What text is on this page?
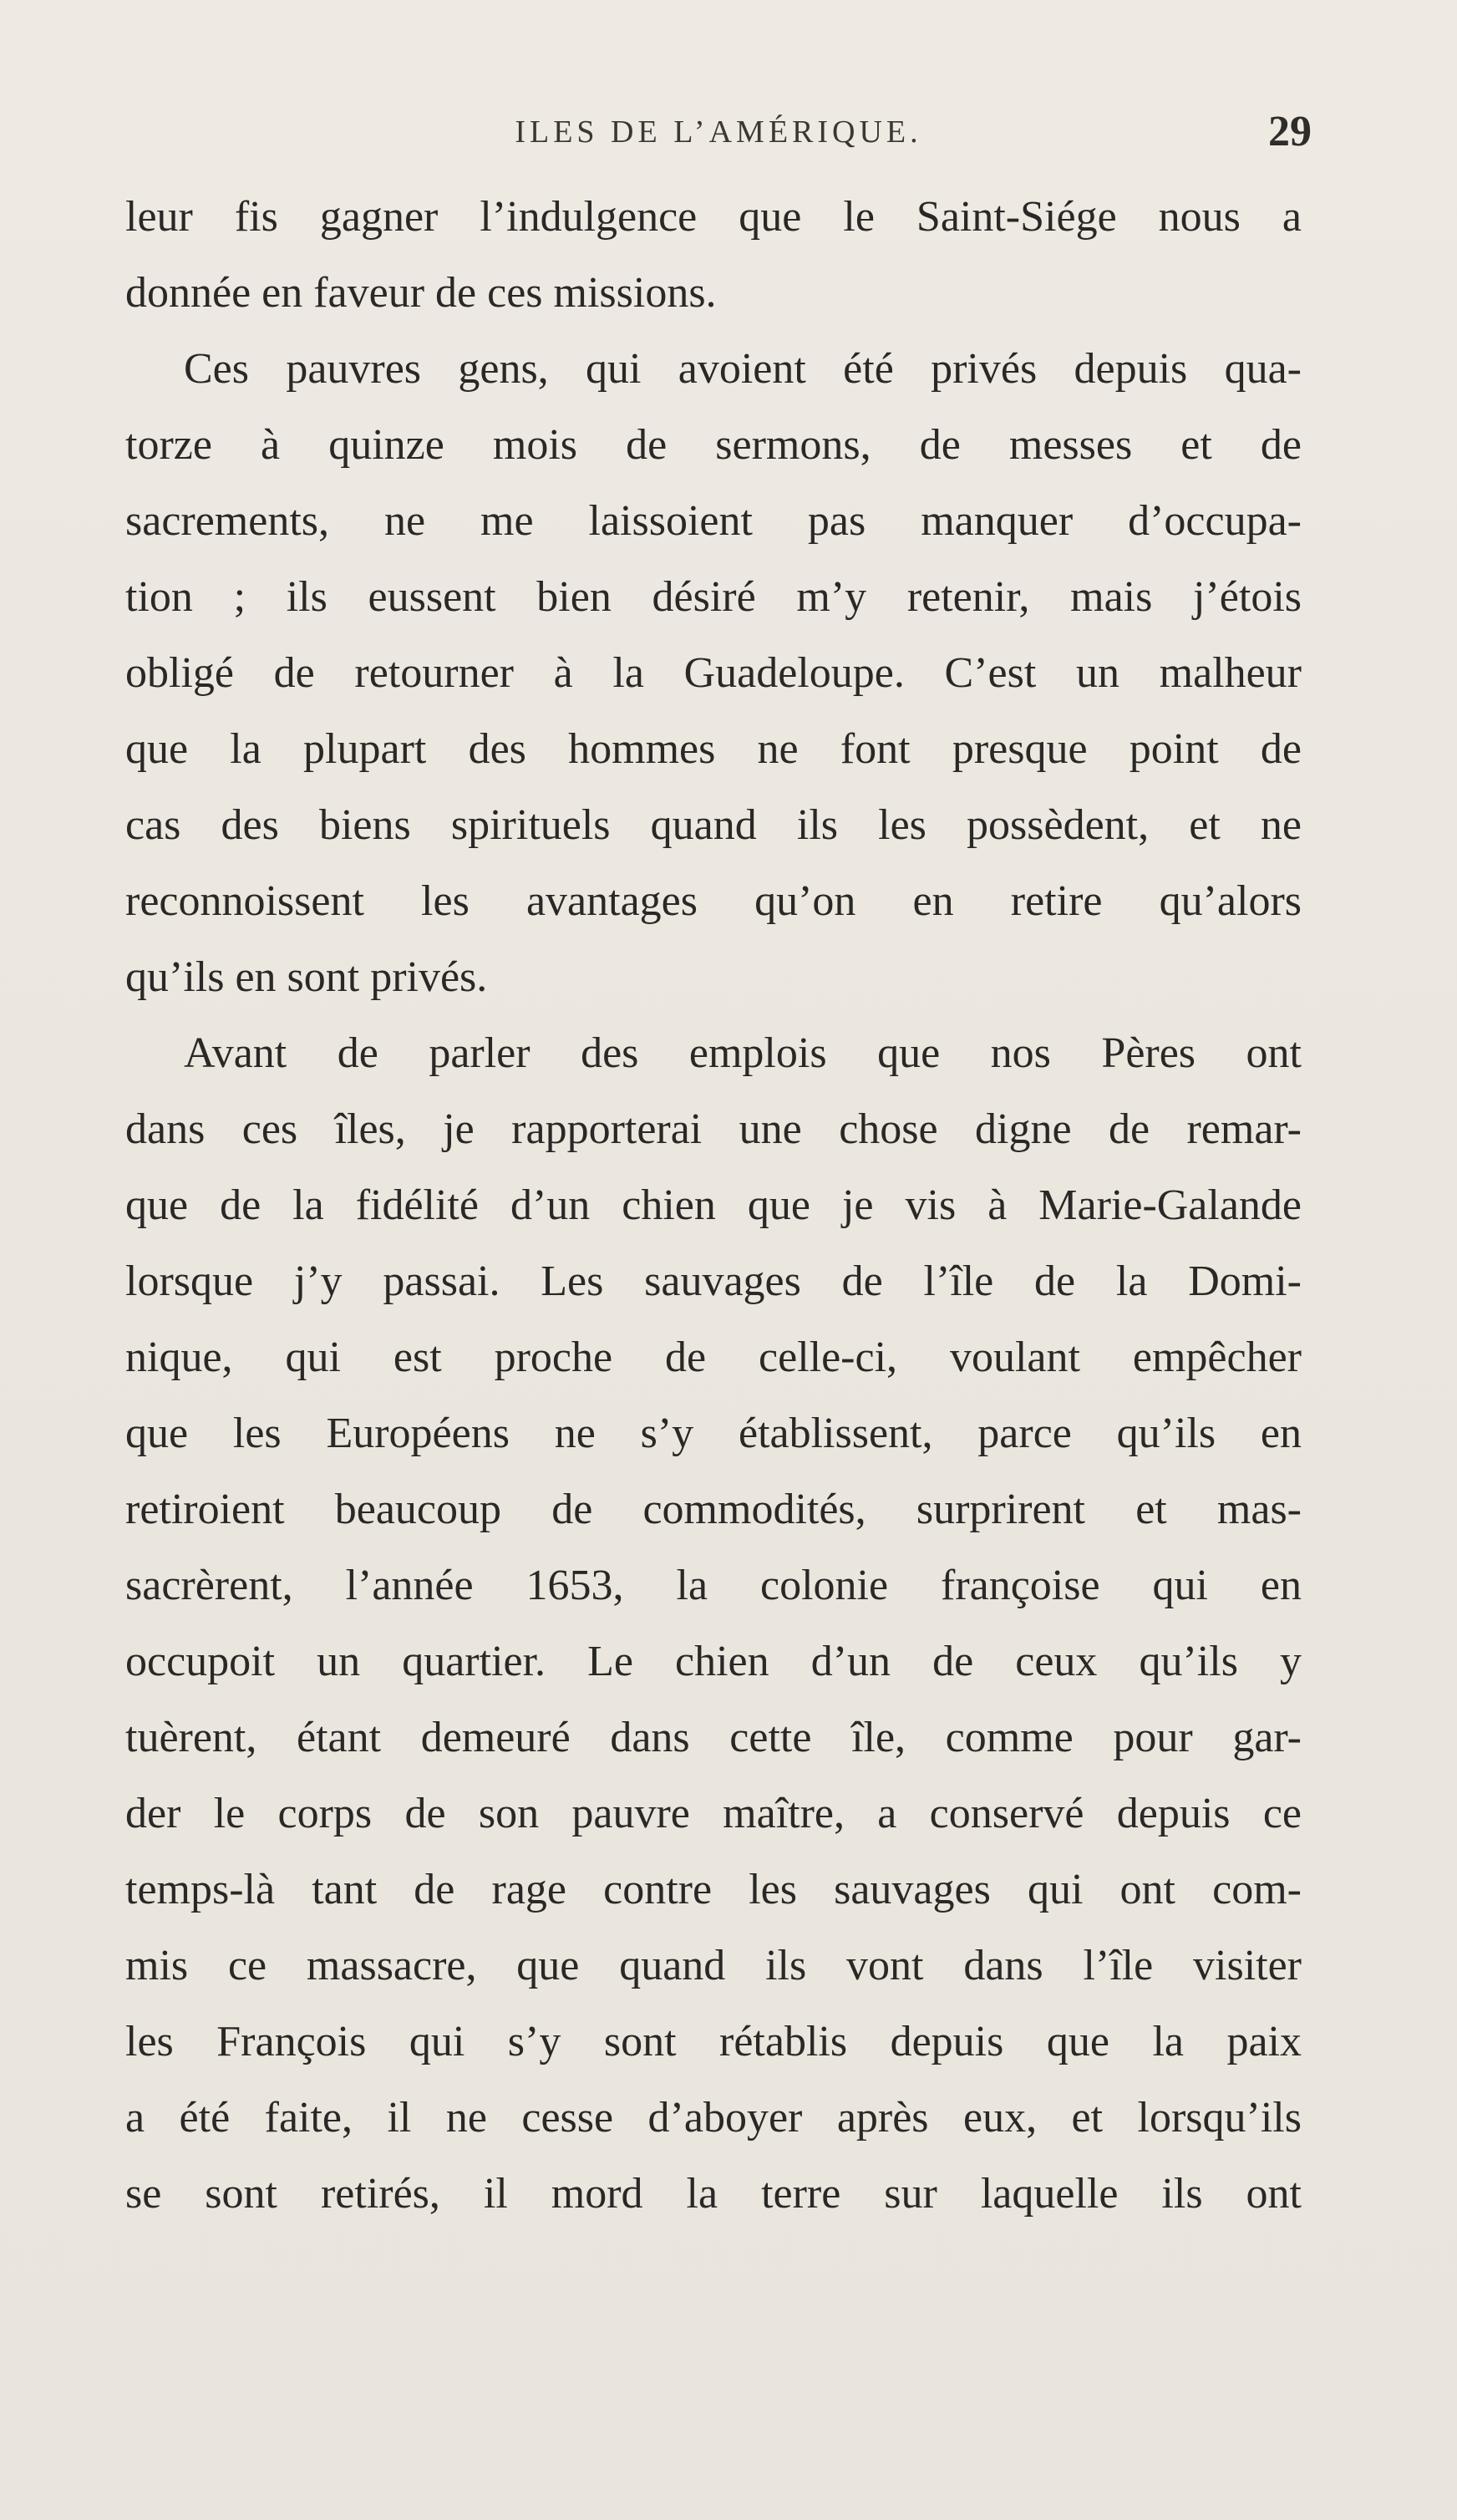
ILES DE L’AMÉRIQUE.	29
leur fis gagner l’indulgence que le Saint-Siége nous a
donnée en faveur de ces missions.
Ces pauvres gens, qui avoient été privés depuis qua-
torze à quinze mois de sermons, de messes et de
sacrements, ne me laissoient pas manquer d’occupa-
tion ; ils eussent bien désiré m’y retenir, mais j’étois
obligé de retourner à la Guadeloupe. C’est un malheur
que la plupart des hommes ne font presque point de
cas des biens spirituels quand ils les possèdent, et ne
reconnoissent les avantages qu’on en retire qu’alors
qu’ils en sont privés.
Avant de parler des emplois que nos Pères ont
dans ces îles, je rapporterai une chose digne de remar-
que de la fidélité d’un chien que je vis à Marie-Galande
lorsque j’y passai. Les sauvages de l’île de la Domi-
nique, qui est proche de celle-ci, voulant empêcher
que les Européens ne s’y établissent, parce qu’ils en
retiroient beaucoup de commodités, surprirent et mas-
sacrèrent, l’année 1653, la colonie françoise qui en
occupoit un quartier. Le chien d’un de ceux qu’ils y
tuèrent, étant demeuré dans cette île, comme pour gar-
der le corps de son pauvre maître, a conservé depuis ce
temps-là tant de rage contre les sauvages qui ont com-
mis ce massacre, que quand ils vont dans l’île visiter
les François qui s’y sont rétablis depuis que la paix
a été faite, il ne cesse d’aboyer après eux, et lorsqu’ils
se sont retirés, il mord la terre sur laquelle ils ont
